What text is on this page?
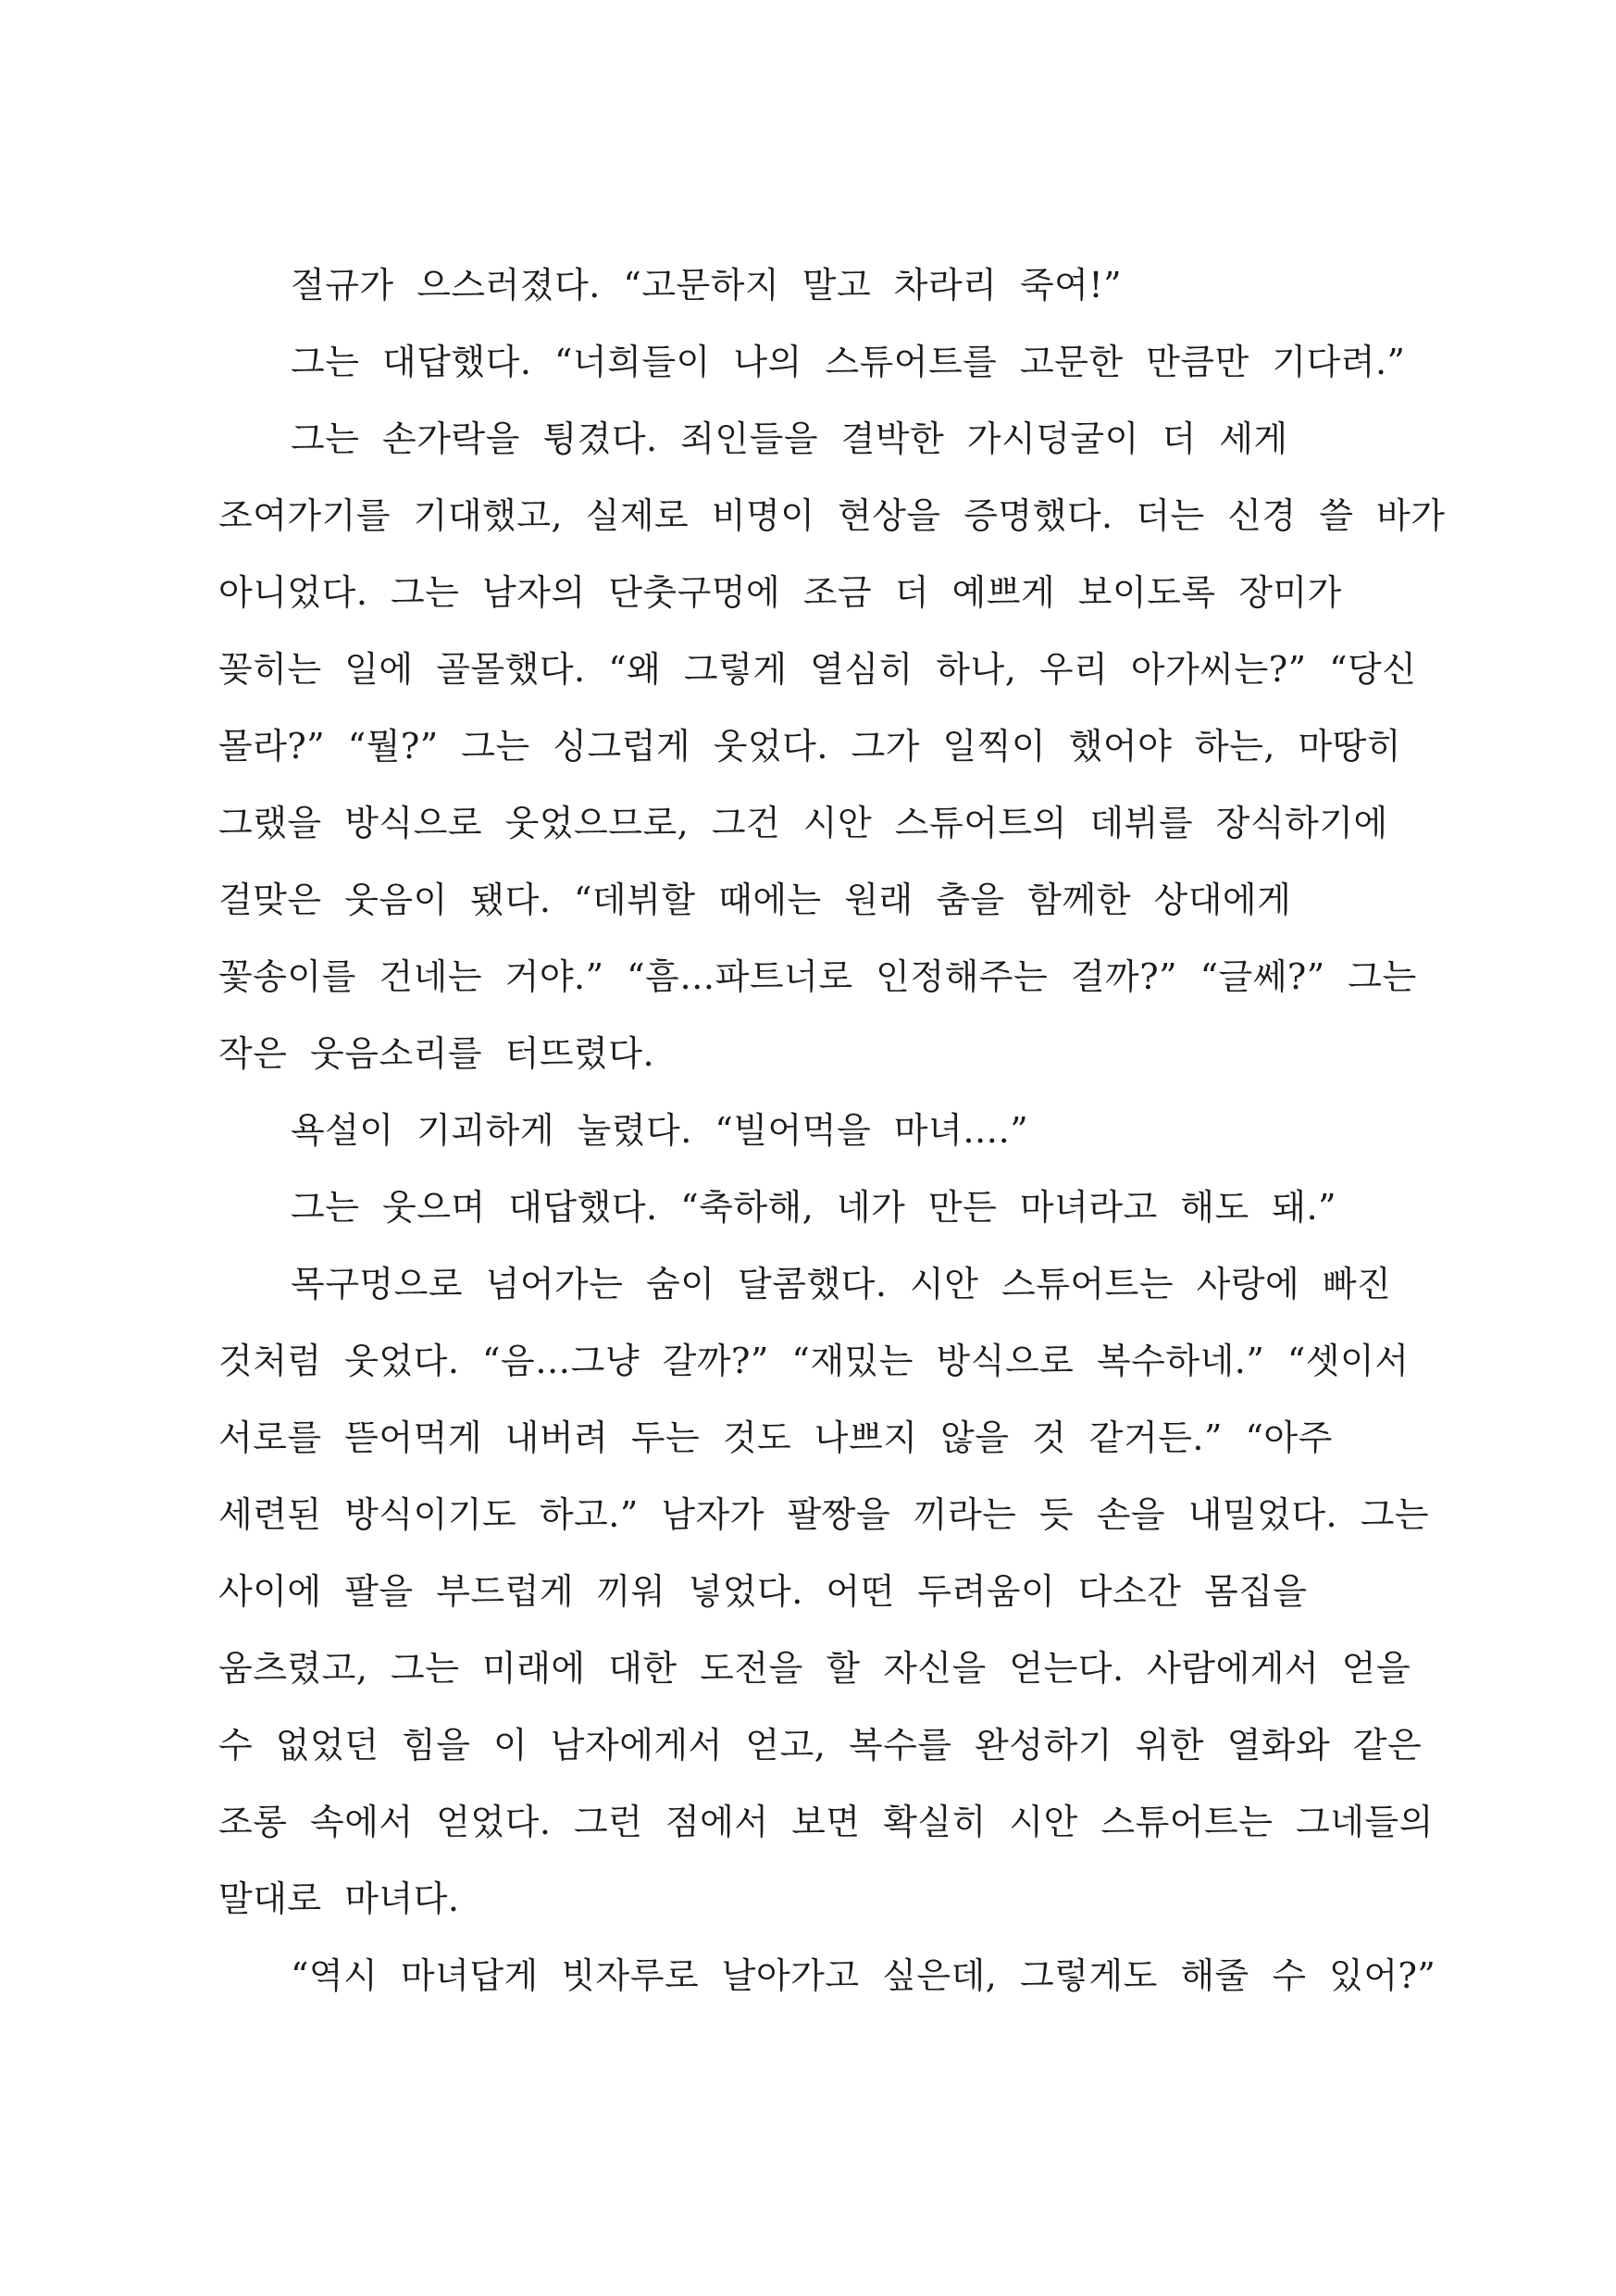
절규가 으스러졌다. “고문하지 말고 차라리 죽여!”
그는 대답했다. “너희들이 나의 스튜어트를 고문한 만큼만 기다려.”
그는 손가락을 튕겼다. 죄인들을 결박한 가시덩굴이 더 세게
조여가기를 기대했고, 실제로 비명이 현상을 증명했다. 더는 신경 쓸 바가
아니었다. 그는 남자의 단춧구멍에 조금 더 예쁘게 보이도록 장미가
꽂히는 일에 골몰했다. “왜 그렇게 열심히 하나, 우리 아가씨는?” “당신
몰라?” “뭘?” 그는 싱그럽게 웃었다. 그가 일찍이 했어야 하는, 마땅히
그랬을 방식으로 웃었으므로, 그건 시안 스튜어트의 데뷔를 장식하기에
걸맞은 웃음이 됐다. “데뷔할 때에는 원래 춤을 함께한 상대에게
꽃송이를 건네는 거야.” “흠…파트너로 인정해주는 걸까?” “글쎄?” 그는
작은 웃음소리를 터뜨렸다.
욕설이 기괴하게 눌렸다. “빌어먹을 마녀….”
그는 웃으며 대답했다. “축하해, 네가 만든 마녀라고 해도 돼.”
목구멍으로 넘어가는 숨이 달콤했다. 시안 스튜어트는 사랑에 빠진
것처럼 웃었다. “음…그냥 갈까?” “재밌는 방식으로 복수하네.” “셋이서
서로를 뜯어먹게 내버려 두는 것도 나쁘지 않을 것 같거든.” “아주
세련된 방식이기도 하고.” 남자가 팔짱을 끼라는 듯 손을 내밀었다. 그는
사이에 팔을 부드럽게 끼워 넣었다. 어떤 두려움이 다소간 몸집을
움츠렸고, 그는 미래에 대한 도전을 할 자신을 얻는다. 사람에게서 얻을
수 없었던 힘을 이 남자에게서 얻고, 복수를 완성하기 위한 열화와 같은
조롱 속에서 얻었다. 그런 점에서 보면 확실히 시안 스튜어트는 그네들의
말대로 마녀다.
“역시 마녀답게 빗자루로 날아가고 싶은데, 그렇게도 해줄 수 있어?”
